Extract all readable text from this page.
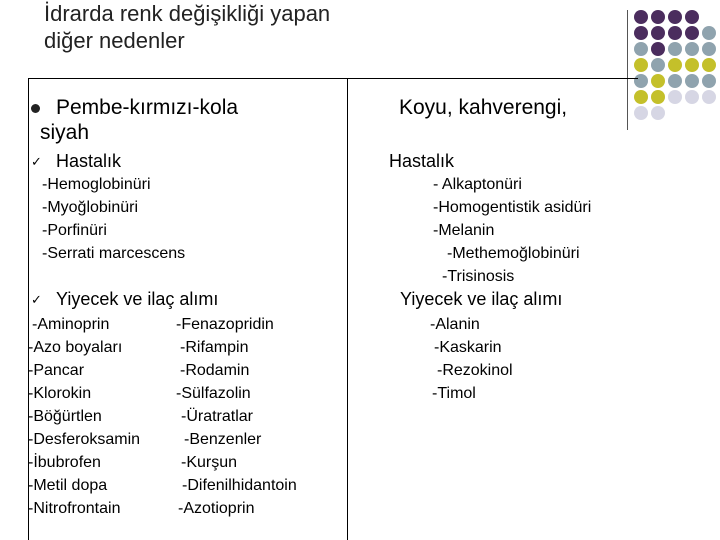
İdrarda renk değişikliği yapan
diğer nedenler
Pembe-kırmızı-kola
siyah
✓ Hastalık
-Hemoglobinüri
-Myoğlobinüri
-Porfinüri
-Serrati marcescens
✓ Yiyecek ve ilaç alımı
-Aminoprin
-Azo boyaları
-Pancar
-Klorokin
-Böğürtlen
-Desferoksamin
-İbubrofen
-Metil dopa
-Nitrofrontain
-Fenazopridin
-Rifampin
-Rodamin
-Sülfazolin
-Üratratlar
-Benzenler
-Kurşun
-Difenilhidantoin
-Azotioprin
Koyu, kahverengi,
Hastalık
- Alkaptonüri
-Homogentistik asidüri
-Melanin
-Methemoğlobinüri
-Trisinosis
Yiyecek ve ilaç alımı
-Alanin
-Kaskarin
-Rezokinol
-Timol
